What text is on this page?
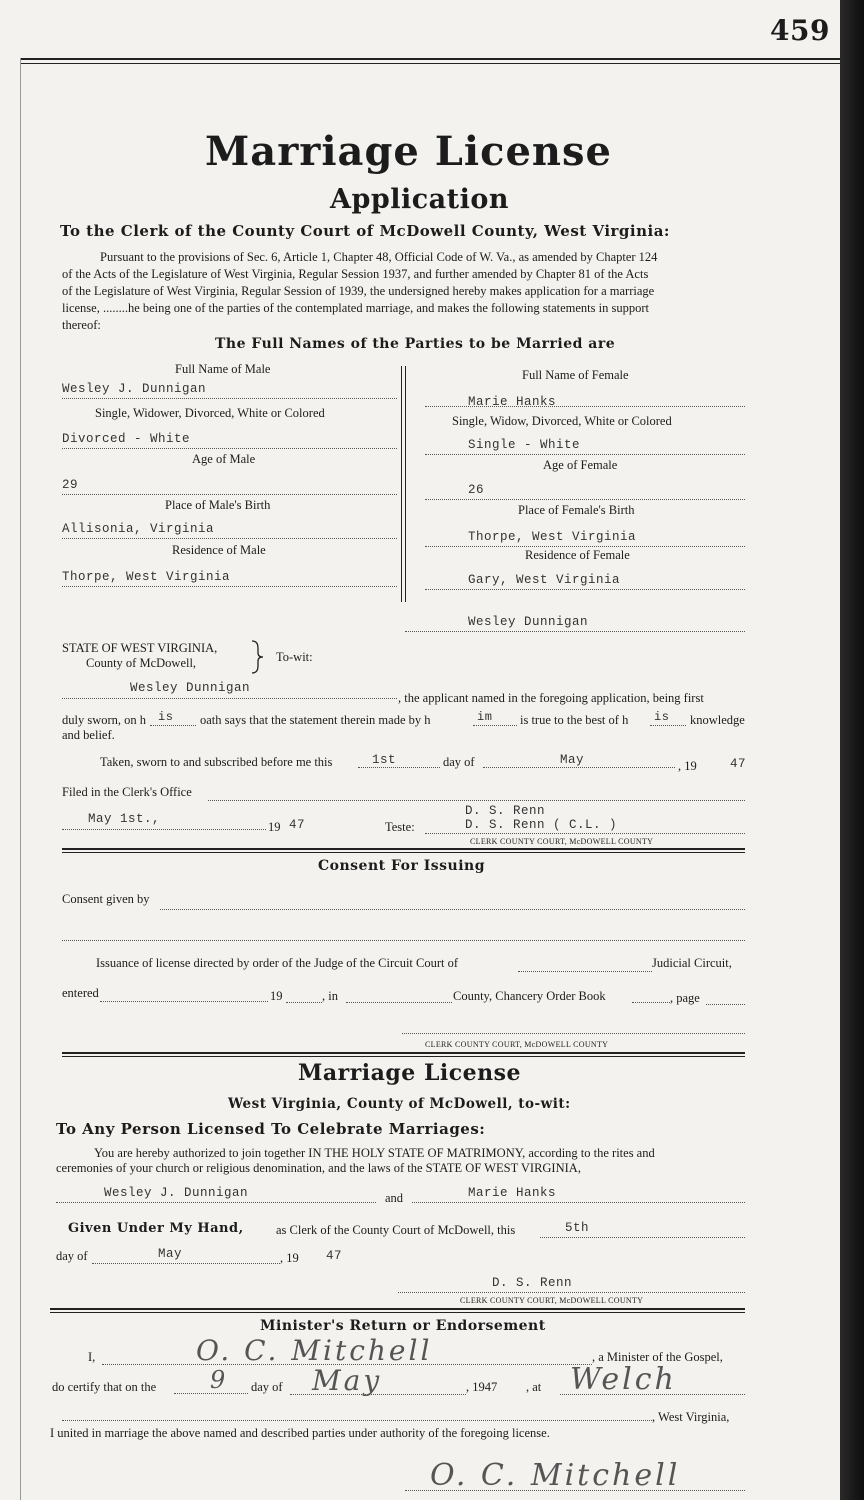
459
Marriage License
Application
To the Clerk of the County Court of McDowell County, West Virginia:
Pursuant to the provisions of Sec. 6, Article 1, Chapter 48, Official Code of W. Va., as amended by Chapter 124
of the Acts of the Legislature of West Virginia, Regular Session 1937, and further amended by Chapter 81 of the Acts
of the Legislature of West Virginia, Regular Session of 1939, the undersigned hereby makes application for a marriage
license, ........he being one of the parties of the contemplated marriage, and makes the following statements in support
thereof:
The Full Names of the Parties to be Married are
Full Name of Male
Wesley J. Dunnigan
Single, Widower, Divorced, White or Colored
Divorced - White
Age of Male
29
Place of Male's Birth
Allisonia, Virginia
Residence of Male
Thorpe, West Virginia
Full Name of Female
Marie Hanks
Single, Widow, Divorced, White or Colored
Single - White
Age of Female
26
Place of Female's Birth
Thorpe, West Virginia
Residence of Female
Gary, West Virginia
Wesley Dunnigan
STATE OF WEST VIRGINIA,
County of McDowell,	To-wit:
Wesley Dunnigan
, the applicant named in the foregoing application, being first
duly sworn, on h is oath says that the statement therein made by h	im is true to the best of h is knowledge
and belief.
Taken, sworn to and subscribed before me this	1st	day of	May	, 19	47
Filed in the Clerk's Office
May 1st.,
19 47	Teste:
D. S. Renn
D. S. Renn ( C.L. )
CLERK COUNTY COURT, McDOWELL COUNTY
Consent For Issuing
Consent given by
Issuance of license directed by order of the Judge of the Circuit Court of	Judicial Circuit,
entered	19	, in	County, Chancery Order Book	, page
CLERK COUNTY COURT, McDOWELL COUNTY
Marriage License
West Virginia, County of McDowell, to-wit:
To Any Person Licensed To Celebrate Marriages:
You are hereby authorized to join together IN THE HOLY STATE OF MATRIMONY, according to the rites and
ceremonies of your church or religious denomination, and the laws of the STATE OF WEST VIRGINIA,
Wesley J. Dunnigan	and	Marie Hanks
Given Under My Hand,	as Clerk of the County Court of McDowell, this	5th
day of	May	, 19 47
D. S. Renn
CLERK COUNTY COURT, McDOWELL COUNTY
Minister's Return or Endorsement
I,	O. C. Mitchell	, a Minister of the Gospel,
do certify that on the 9 day of May	, 1947 , at Welch
, West Virginia,
I united in marriage the above named and described parties under authority of the foregoing license.
O. C. Mitchell
